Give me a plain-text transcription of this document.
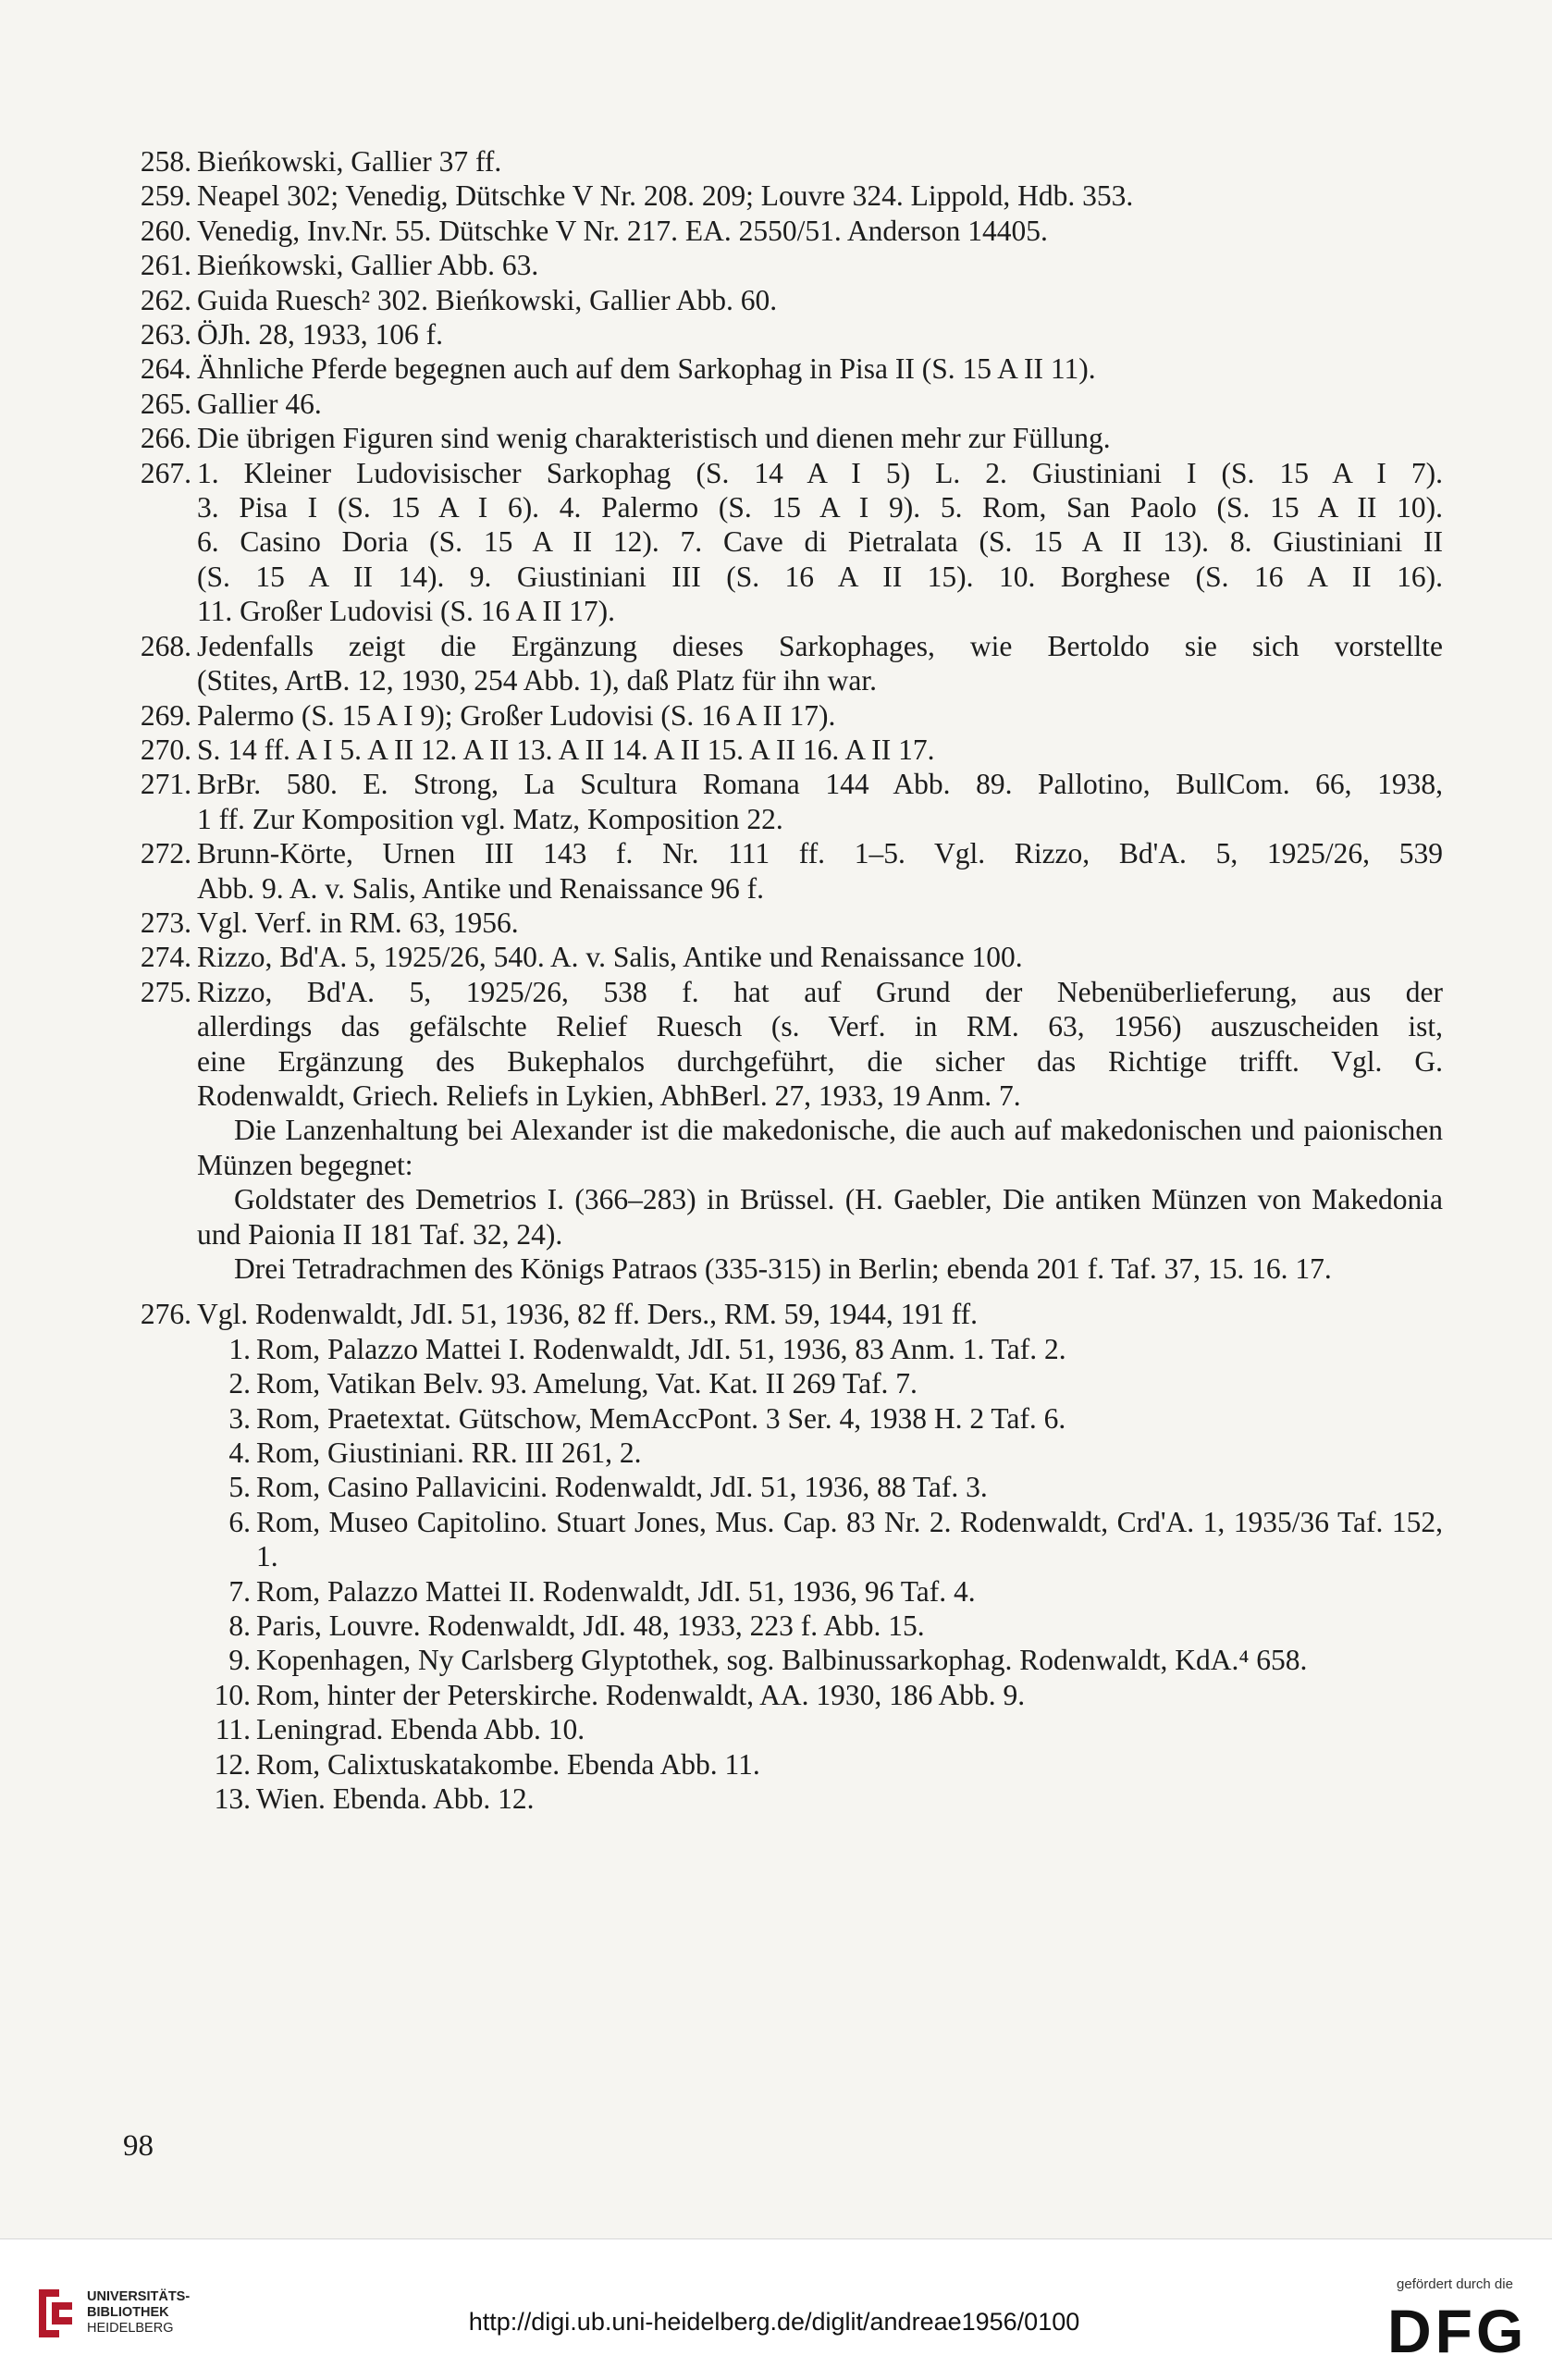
258. Bieńkowski, Gallier 37 ff.
259. Neapel 302; Venedig, Dütschke V Nr. 208. 209; Louvre 324. Lippold, Hdb. 353.
260. Venedig, Inv.Nr. 55. Dütschke V Nr. 217. EA. 2550/51. Anderson 14405.
261. Bieńkowski, Gallier Abb. 63.
262. Guida Ruesch² 302. Bieńkowski, Gallier Abb. 60.
263. ÖJh. 28, 1933, 106 f.
264. Ähnliche Pferde begegnen auch auf dem Sarkophag in Pisa II (S. 15 A II 11).
265. Gallier 46.
266. Die übrigen Figuren sind wenig charakteristisch und dienen mehr zur Füllung.
267. 1. Kleiner Ludovisischer Sarkophag (S. 14 A I 5) L. 2. Giustiniani I (S. 15 A I 7).
3. Pisa I (S. 15 A I 6). 4. Palermo (S. 15 A I 9). 5. Rom, San Paolo (S. 15 A II 10).
6. Casino Doria (S. 15 A II 12). 7. Cave di Pietralata (S. 15 A II 13). 8. Giustiniani II
(S. 15 A II 14). 9. Giustiniani III (S. 16 A II 15). 10. Borghese (S. 16 A II 16).
11. Großer Ludovisi (S. 16 A II 17).
268. Jedenfalls zeigt die Ergänzung dieses Sarkophages, wie Bertoldo sie sich vorstellte
(Stites, ArtB. 12, 1930, 254 Abb. 1), daß Platz für ihn war.
269. Palermo (S. 15 A I 9); Großer Ludovisi (S. 16 A II 17).
270. S. 14 ff. A I 5. A II 12. A II 13. A II 14. A II 15. A II 16. A II 17.
271. BrBr. 580. E. Strong, La Scultura Romana 144 Abb. 89. Pallotino, BullCom. 66, 1938,
1 ff. Zur Komposition vgl. Matz, Komposition 22.
272. Brunn-Körte, Urnen III 143 f. Nr. 111 ff. 1–5. Vgl. Rizzo, Bd'A. 5, 1925/26, 539
Abb. 9. A. v. Salis, Antike und Renaissance 96 f.
273. Vgl. Verf. in RM. 63, 1956.
274. Rizzo, Bd'A. 5, 1925/26, 540. A. v. Salis, Antike und Renaissance 100.
275. Rizzo, Bd'A. 5, 1925/26, 538 f. hat auf Grund der Nebenüberlieferung, aus der
allerdings das gefälschte Relief Ruesch (s. Verf. in RM. 63, 1956) auszuscheiden ist,
eine Ergänzung des Bukephalos durchgeführt, die sicher das Richtige trifft. Vgl. G.
Rodenwaldt, Griech. Reliefs in Lykien, AbhBerl. 27, 1933, 19 Anm. 7.
Die Lanzenhaltung bei Alexander ist die makedonische, die auch auf makedonischen und paionischen Münzen begegnet:
Goldstater des Demetrios I. (366–283) in Brüssel. (H. Gaebler, Die antiken Münzen von Makedonia und Paionia II 181 Taf. 32, 24).
Drei Tetradrachmen des Königs Patraos (335-315) in Berlin; ebenda 201 f. Taf. 37, 15. 16. 17.
276. Vgl. Rodenwaldt, JdI. 51, 1936, 82 ff. Ders., RM. 59, 1944, 191 ff.
1. Rom, Palazzo Mattei I. Rodenwaldt, JdI. 51, 1936, 83 Anm. 1. Taf. 2.
2. Rom, Vatikan Belv. 93. Amelung, Vat. Kat. II 269 Taf. 7.
3. Rom, Praetextat. Gütschow, MemAccPont. 3 Ser. 4, 1938 H. 2 Taf. 6.
4. Rom, Giustiniani. RR. III 261, 2.
5. Rom, Casino Pallavicini. Rodenwaldt, JdI. 51, 1936, 88 Taf. 3.
6. Rom, Museo Capitolino. Stuart Jones, Mus. Cap. 83 Nr. 2. Rodenwaldt, Crd'A. 1, 1935/36 Taf. 152, 1.
7. Rom, Palazzo Mattei II. Rodenwaldt, JdI. 51, 1936, 96 Taf. 4.
8. Paris, Louvre. Rodenwaldt, JdI. 48, 1933, 223 f. Abb. 15.
9. Kopenhagen, Ny Carlsberg Glyptothek, sog. Balbinussarkophag. Rodenwaldt, KdA.⁴ 658.
10. Rom, hinter der Peterskirche. Rodenwaldt, AA. 1930, 186 Abb. 9.
11. Leningrad. Ebenda Abb. 10.
12. Rom, Calixtuskatakombe. Ebenda Abb. 11.
13. Wien. Ebenda. Abb. 12.
98
UNIVERSITÄTS-
BIBLIOTHEK
HEIDELBERG	http://digi.ub.uni-heidelberg.de/diglit/andreae1956/0100
gefördert durch die
DFG
